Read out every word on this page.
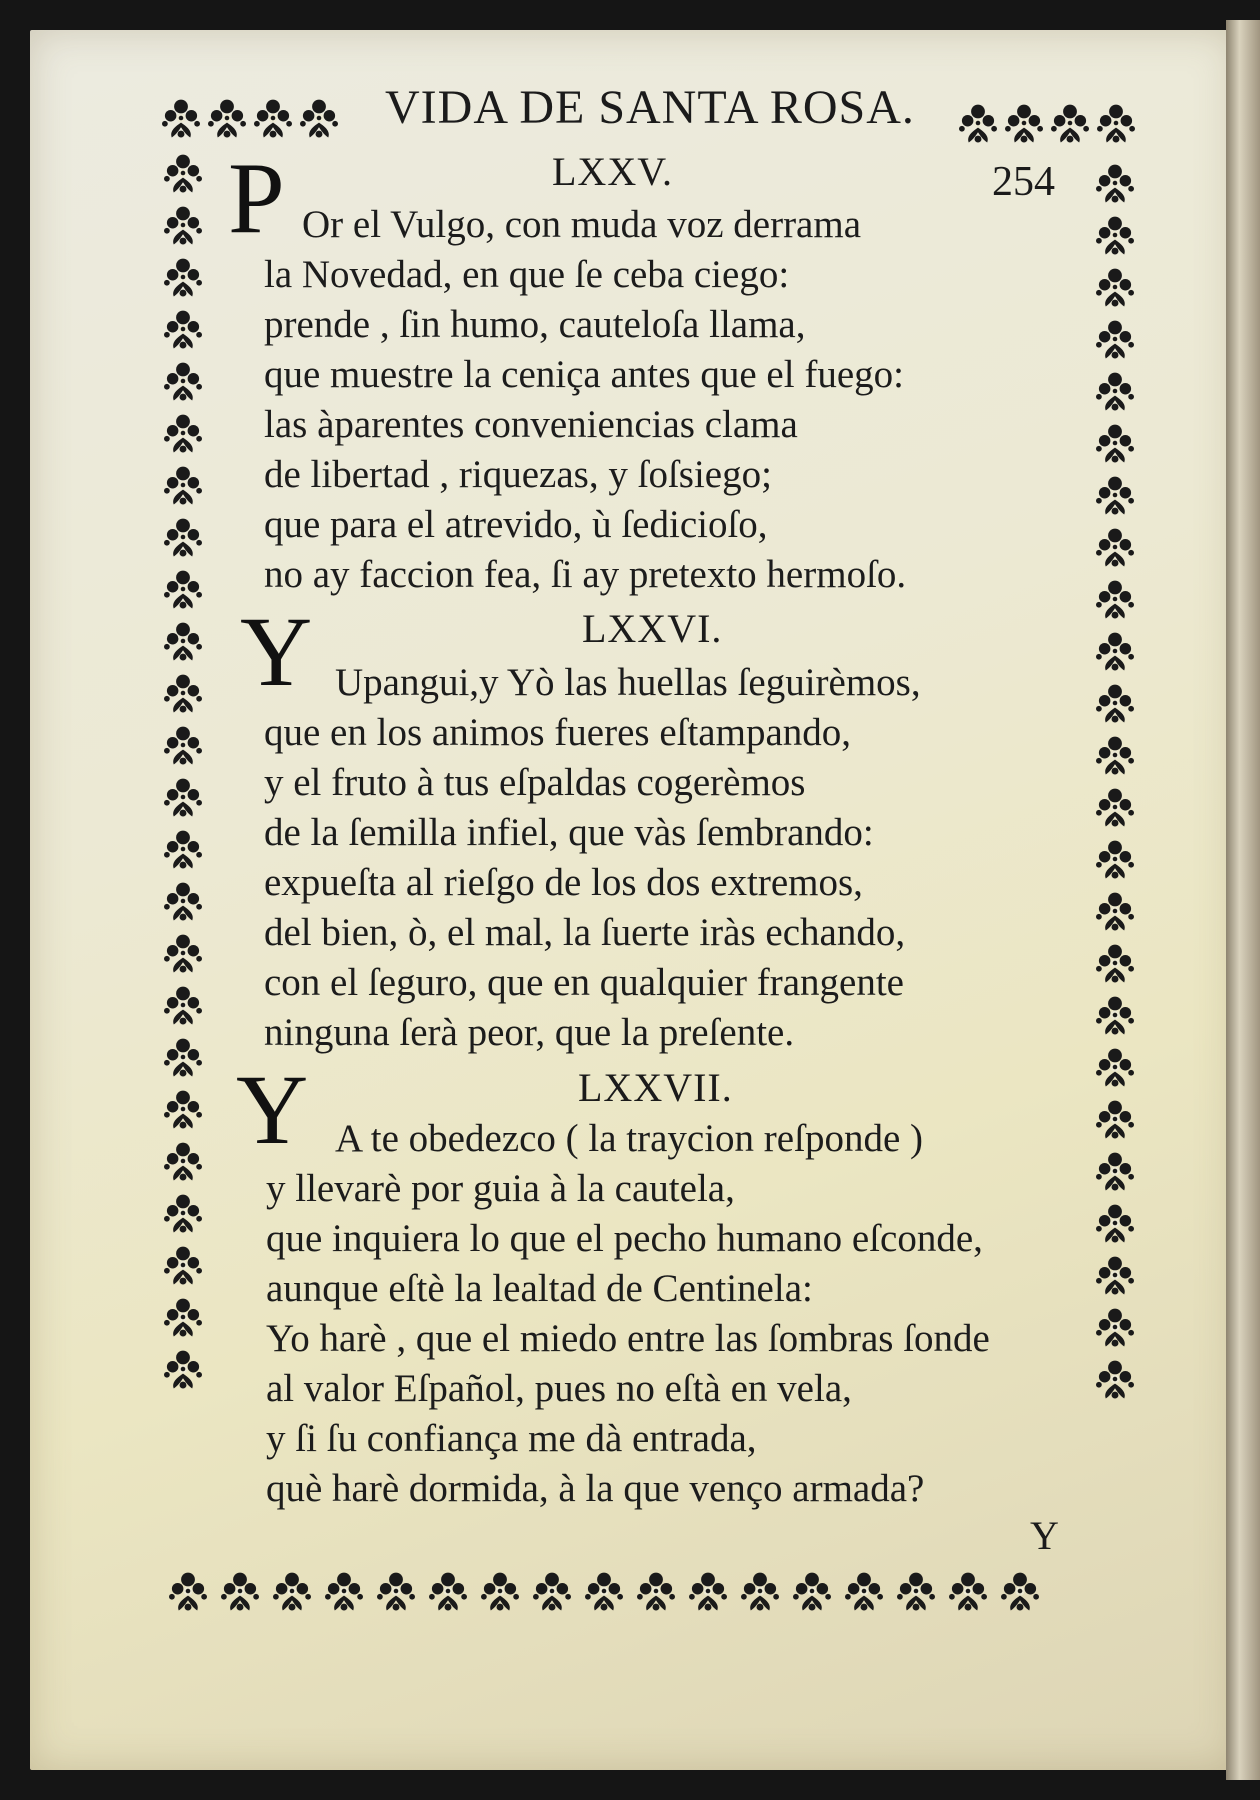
VIDA DE SANTA ROSA.
254
LXXV.
P Or el Vulgo, con muda voz derrama
la Novedad, en que ſe ceba ciego:
prende , ſin humo, cauteloſa llama,
que muestre la ceniça antes que el fuego:
las àparentes conveniencias clama
de libertad , riquezas, y ſoſsiego;
que para el atrevido, ù ſedicioſo,
no ay faccion fea, ſi ay pretexto hermoſo.
LXXVI.
Y Upangui,y Yò las huellas ſeguirèmos,
que en los animos fueres eſtampando,
y el fruto à tus eſpaldas cogerèmos
de la ſemilla infiel, que vàs ſembrando:
expueſta al rieſgo de los dos extremos,
del bien, ò, el mal, la ſuerte iràs echando,
con el ſeguro, que en qualquier frangente
ninguna ſerà peor, que la preſente.
LXXVII.
Y A te obedezco ( la traycion reſponde )
y llevarè por guia à la cautela,
que inquiera lo que el pecho humano eſconde,
aunque eſtè la lealtad de Centinela:
Yo harè , que el miedo entre las ſombras ſonde
al valor Eſpañol, pues no eſtà en vela,
y ſi ſu confiança me dà entrada,
què harè dormida, à la que venço armada?
Y
